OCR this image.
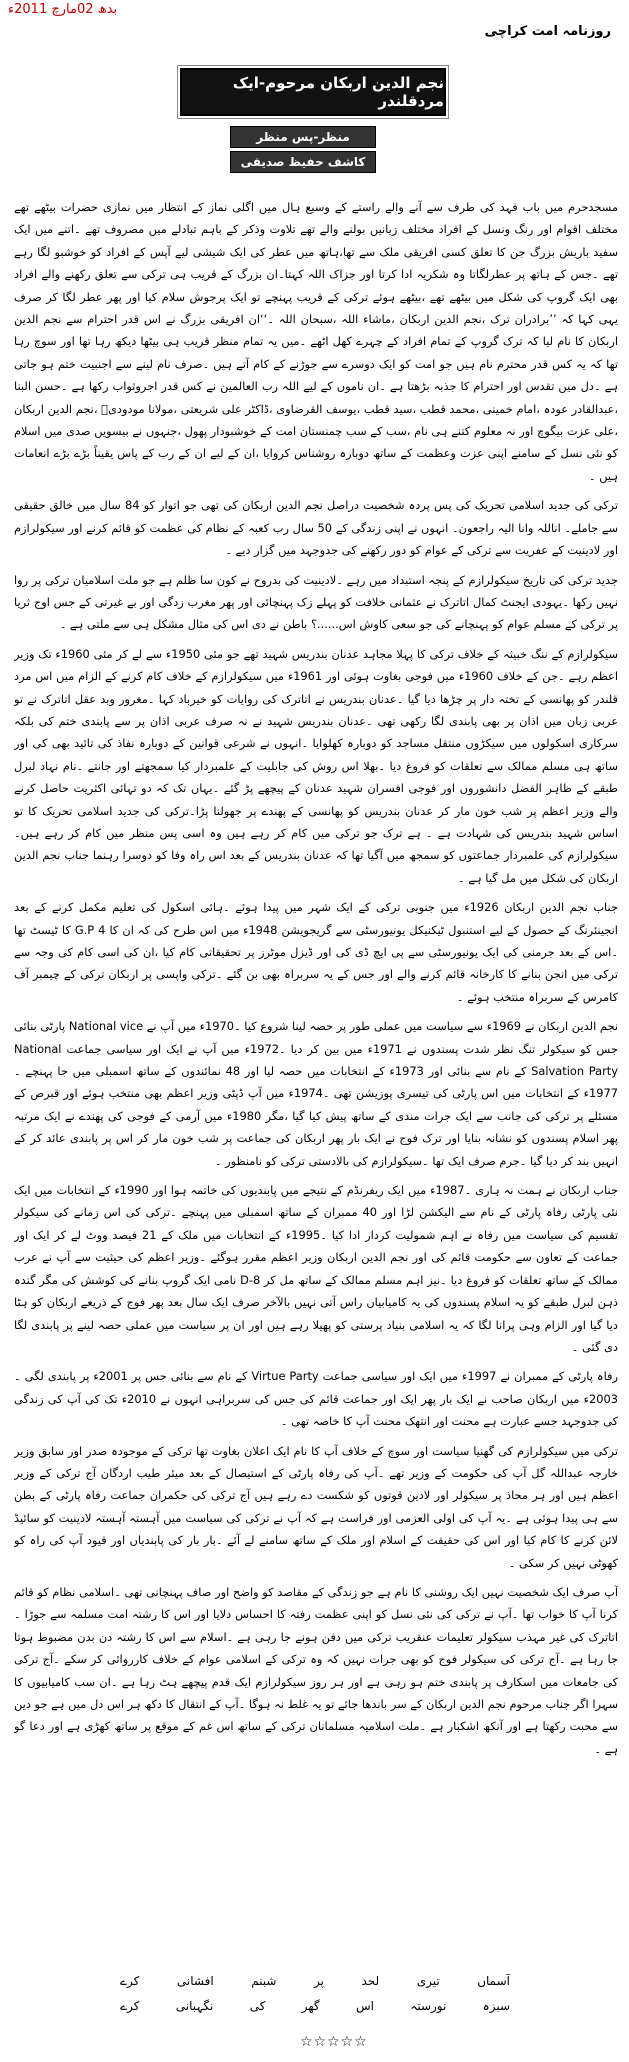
بدھ 02مارچ 2011ء
روزنامہ امت کراچی
نجم الدین اربکان مرحوم-ایک مردقلندر
منظر-پس منظر
کاشف حفیظ صدیقی

مسجدحرم میں باب فہد کی طرف سے آنے والے راستے کے وسیع ہال میں اگلی نماز کے انتظار میں نمازی حضرات بیٹھے تھے مختلف اقوام اور رنگ ونسل کے افراد مختلف زبانیں بولنے والے تھے تلاوت وذکر کے باہم تبادلے میں مصروف تھے ۔اتنے میں ایک سفید باریش بزرگ جن کا تعلق کسی افریقی ملک سے تھا،ہاتھ میں عطر کی ایک شیشی لیے آپس کے افراد کو خوشبو لگا رہے تھے ۔جس کے ہاتھ پر عطرلگاتا وہ شکریہ ادا کرتا اور جزاک اللہ کہتا۔ان بزرگ کے قریب ہی ترکی سے تعلق رکھنے والے افراد بھی ایک گروپ کی شکل میں بیٹھے تھے ،بیٹھے ہوئے ترکی کے قریب پہنچے تو ایک پرجوش سلام کیا اور پھر عطر لگا کر صرف یہی کہا کہ ’’برادران ترک ،نجم الدین اربکان ،ماشاء اللہ ،سبحان اللہ ۔‘‘ان افریقی بزرگ نے اس قدر احترام سے نجم الدین اربکان کا نام لیا کہ ترک گروپ کے تمام افراد کے چہرے کھل اٹھے ۔میں یہ تمام منظر قریب ہی بیٹھا دیکھ رہا تھا اور سوچ رہا تھا کہ یہ کس قدر محترم نام ہیں جو امت کو ایک دوسرے سے جوڑنے کے کام آتے ہیں ۔صرف نام لینے سے اجنبیت ختم ہو جاتی ہے ۔دل میں تقدس اور احترام کا جذبہ بڑھتا ہے ۔ان ناموں کے لیے اللہ رب العالمین نے کس قدر اجروثواب رکھا ہے ۔حسن البنا ،عبدالقادر عودہ ،امام خمینی ،محمد قطب ،سید قطب ،یوسف القرضاوی ،ڈاکٹر علی شریعتی ،مولانا مودودیؒ ،نجم الدین اربکان ،علی عزت بیگوچ اور نہ معلوم کتنے ہی نام ،سب کے سب چمنستان امت کے خوشبودار پھول ،جنہوں نے بیسویں صدی میں اسلام کو نئی نسل کے سامنے اپنی عزت وعظمت کے ساتھ دوبارہ روشناس کروایا ،ان کے لیے ان کے رب کے پاس یقیناً بڑے بڑے انعامات ہیں ۔

ترکی کی جدید اسلامی تحریک کی پس پردہ شخصیت دراصل نجم الدین اربکان کی تھی جو اتوار کو 84 سال میں خالق حقیقی سے جاملے۔ اناللہ وانا الیہ راجعون۔ انہوں نے اپنی زندگی کے 50 سال رب کعبہ کے نظام کی عظمت کو قائم کرنے اور سیکولرازم اور لادینیت کے عفریت سے ترکی کے عوام کو دور رکھنے کی جدوجہد میں گزار دیے ۔

جدید ترکی کی تاریخ سیکولرازم کے پنجہ استبداد میں رہے ۔لادینیت کی بدروح نے کون سا ظلم ہے جو ملت اسلامیان ترکی پر روا نہیں رکھا ۔یہودی ایجنٹ کمال اتاترک نے عثمانی خلافت کو پہلے زک پہنچائی اور پھر مغرب زدگی اور بے غیرتی کے جس اوج ثریا پر ترکی کے مسلم عوام کو پہنچانے کی جو سعی کاوش اس......؟ باطن نے دی اس کی مثال مشکل ہی سے ملتی ہے ۔

سیکولرازم کے ننگ خبیثہ کے خلاف ترکی کا پہلا مجاہد عدنان بندریس شہید تھے جو مئی 1950ء سے لے کر مئی 1960ء تک وزیر اعظم رہے ۔جن کے خلاف 1960ء میں فوجی بغاوت ہوئی اور 1961ء میں سیکولرازم کے خلاف کام کرنے کے الزام میں اس مرد قلندر کو پھانسی کے تختہ دار پر چڑھا دیا گیا ۔عدنان بندریس نے اتاترک کی روایات کو خیرباد کہا ۔مغرور وبد عقل اتاترک نے تو عربی زبان میں اذان پر بھی پابندی لگا رکھی تھی ۔عدنان بندریس شہید نے نہ صرف عربی اذان پر سے پابندی ختم کی بلکہ سرکاری اسکولوں میں سیکڑوں منتقل مساجد کو دوبارہ کھلوایا ۔انہوں نے شرعی قوانین کے دوبارہ نفاذ کی تائید بھی کی اور ساتھ ہی مسلم ممالک سے تعلقات کو فروغ دیا ۔بھلا اس روش کی جابلیت کے علمبردار کیا سمجھتے اور جانتے ۔نام نہاد لبرل طبقے کے ظاہر الفضل دانشوروں اور فوجی افسران شہید عدنان کے پیچھے پڑ گئے ۔یہاں تک کہ دو تہائی اکثریت حاصل کرنے والے وزیر اعظم پر شب خون مار کر عدنان بندریس کو پھانسی کے پھندے پر جھولنا پڑا۔ترکی کی جدید اسلامی تحریک کا تو اساس شہید بندریس کی شہادت ہے ۔ ہے ترک جو ترکی میں کام کر رہے ہیں وہ اسی پس منظر میں کام کر رہے ہیں۔سیکولرازم کی علمبردار جماعتوں کو سمجھ میں آگیا تھا کہ عدنان بندریس کے بعد اس راہ وفا کو دوسرا رہنما جناب نجم الدین اربکان کی شکل میں مل گیا ہے ۔

جناب نجم الدین اربکان 1926ء میں جنوبی ترکی کے ایک شہر میں پیدا ہوئے ۔ہائی اسکول کی تعلیم مکمل کرنے کے بعد انجینئرنگ کے حصول کے لیے استنبول ٹیکنیکل یونیورسٹی سے گریجویشن 1948ء میں اس طرح کی کہ ان کا G.P 4 کا ٹیسٹ تھا ۔اس کے بعد جرمنی کی ایک یونیورسٹی سے پی ایچ ڈی کی اور ڈیزل موٹرز پر تحقیقاتی کام کیا ،ان کی اسی کام کی وجہ سے ترکی میں انجن بنانے کا کارخانہ قائم کرنے والے اور جس کے یہ سربراہ بھی بن گئے ۔ترکی واپسی پر اربکان ترکی کے چیمبر آف کامرس کے سربراہ منتخب ہوئے ۔

نجم الدین اربکان نے 1969ء سے سیاست میں عملی طور پر حصہ لینا شروع کیا ۔1970ء میں آپ نے National vice پارٹی بنائی جس کو سیکولر تنگ نظر شدت پسندوں نے 1971ء میں بین کر دیا ۔1972ء میں آپ نے ایک اور سیاسی جماعت National Salvation Party کے نام سے بنائی اور 1973ء کے انتخابات میں حصہ لیا اور 48 نمائندوں کے ساتھ اسمبلی میں جا پہنچے ۔1977ء کے انتخابات میں اس پارٹی کی تیسری پوزیشن تھی ۔1974ء میں آپ ڈپٹی وزیر اعظم بھی منتخب ہوئے اور قبرص کے مسئلے پر ترکی کی جانب سے ایک جرات مندی کے ساتھ پیش کیا گیا ،مگر 1980ء میں آرمی کے فوجی کی پھندے نے ایک مرتبہ پھر اسلام پسندوں کو نشانہ بنایا اور ترک فوج نے ایک بار پھر اربکان کی جماعت پر شب خون مار کر اس پر پابندی عائد کر کے انہیں بند کر دیا گیا ۔جرم صرف ایک تھا ۔سیکولرازم کی بالادستی ترکی کو نامنظور ۔

جناب اربکان نے ہمت نہ ہاری ۔1987ء میں ایک ریفرنڈم کے نتیجے میں پابندیوں کی خاتمہ ہوا اور 1990ء کے انتخابات میں ایک نئی پارٹی رفاہ پارٹی کے نام سے الیکشن لڑا اور 40 ممبران کے ساتھ اسمبلی میں پہنچے ۔ترکی کی اس زمانے کی سیکولر تقسیم کی سیاست میں رفاہ نے اہم شمولیت کردار ادا کیا ۔1995ء کے انتخابات میں ملک کے 21 فیصد ووٹ لے کر ایک اور جماعت کے تعاون سے حکومت قائم کی اور نجم الدین اربکان وزیر اعظم مقرر ہوگئے ۔وزیر اعظم کی حیثیت سے آپ نے عرب ممالک کے ساتھ تعلقات کو فروغ دیا ۔نیز اہم مسلم ممالک کے ساتھ مل کر D-8 نامی ایک گروپ بنانے کی کوشش کی مگر گندہ ذہن لبرل طبقے کو یہ اسلام پسندوں کی یہ کامیابیاں راس آتی نہیں بالآخر صرف ایک سال بعد پھر فوج کے ذریعے اربکان کو ہٹا دیا گیا اور الزام وہی پرانا لگا کہ یہ اسلامی بنیاد پرستی کو پھیلا رہے ہیں اور ان پر سیاست میں عملی حصہ لینے پر پابندی لگا دی گئی ۔

رفاہ پارٹی کے ممبران نے 1997ء میں ایک اور سیاسی جماعت Virtue Party کے نام سے بنائی جس پر 2001ء پر پابندی لگی ۔2003ء میں اربکان صاحب نے ایک بار پھر ایک اور جماعت قائم کی جس کی سربراہی انہوں نے 2010ء تک کی آپ کی زندگی کی جدوجہد جسے عبارت ہے محنت اور انتھک محنت آپ کا خاصہ تھی ۔

ترکی میں سیکولرازم کی گھنیا سیاست اور سوچ کے خلاف آپ کا نام ایک اعلان بغاوت تھا ترکی کے موجودہ صدر اور سابق وزیر خارجہ عبداللہ گل آپ کی حکومت کے وزیر تھے ۔آپ کی رفاہ پارٹی کے استیصال کے بعد میئر طیب اردگان آج ترکی کے وزیر اعظم ہیں اور ہر محاذ پر سیکولر اور لادین قوتوں کو شکست دے رہے ہیں آج ترکی کی حکمران جماعت رفاہ پارٹی کے بطن سے ہی پیدا ہوئی ہے ۔یہ آپ کی اولی العزمی اور فراست ہے کہ آپ نے ترکی کی سیاست میں آہستہ آہستہ لادینیت کو سائیڈ لائن کرنے کا کام کیا اور اس کی حقیقت کے اسلام اور ملک کے ساتھ سامنے لے آئے ۔بار بار کی پابندیاں اور قیود آپ کی راہ کو کھوٹی نہیں کر سکی ۔

آپ صرف ایک شخصیت نہیں ایک روشنی کا نام ہے جو زندگی کے مقاصد کو واضح اور صاف پہنچانی تھی ۔اسلامی نظام کو قائم کرنا آپ کا خواب تھا ۔آپ نے ترکی کی نئی نسل کو اپنی عظمت رفتہ کا احساس دلایا اور اس کا رشتہ امت مسلمہ سے جوڑا ۔اتاترک کی غیر مہذب سیکولر تعلیمات عنقریب ترکی میں دفن ہونے جا رہی ہے ۔اسلام سے اس کا رشتہ دن بدن مضبوط ہوتا جا رہا ہے ۔آج ترکی کی سیکولر فوج کو بھی جرات نہیں کہ وہ ترکی کے اسلامی عوام کے خلاف کارروائی کر سکے ۔آج ترکی کی جامعات میں اسکارف پر پابندی ختم ہو رہی ہے اور ہر روز سیکولرازم ایک قدم پیچھے ہٹ رہا ہے ۔ان سب کامیابیوں کا سہرا اگر جناب مرحوم نجم الدین اربکان کے سر باندھا جائے تو یہ غلط نہ ہوگا ۔آپ کے انتقال کا دکھ ہر اس دل میں ہے جو دین سے محبت رکھتا ہے اور آنکھ اشکبار ہے ۔ملت اسلامیہ مسلمانان ترکی کے ساتھ اس غم کے موقع پر ساتھ کھڑی ہے اور دعا گو ہے ۔

آسماں
تیری
لحد
پر
شبنم
افشانی
کرے
سبزہ
نورستہ
اس
گھر
کی
نگہبانی
کرے
☆☆☆☆☆
